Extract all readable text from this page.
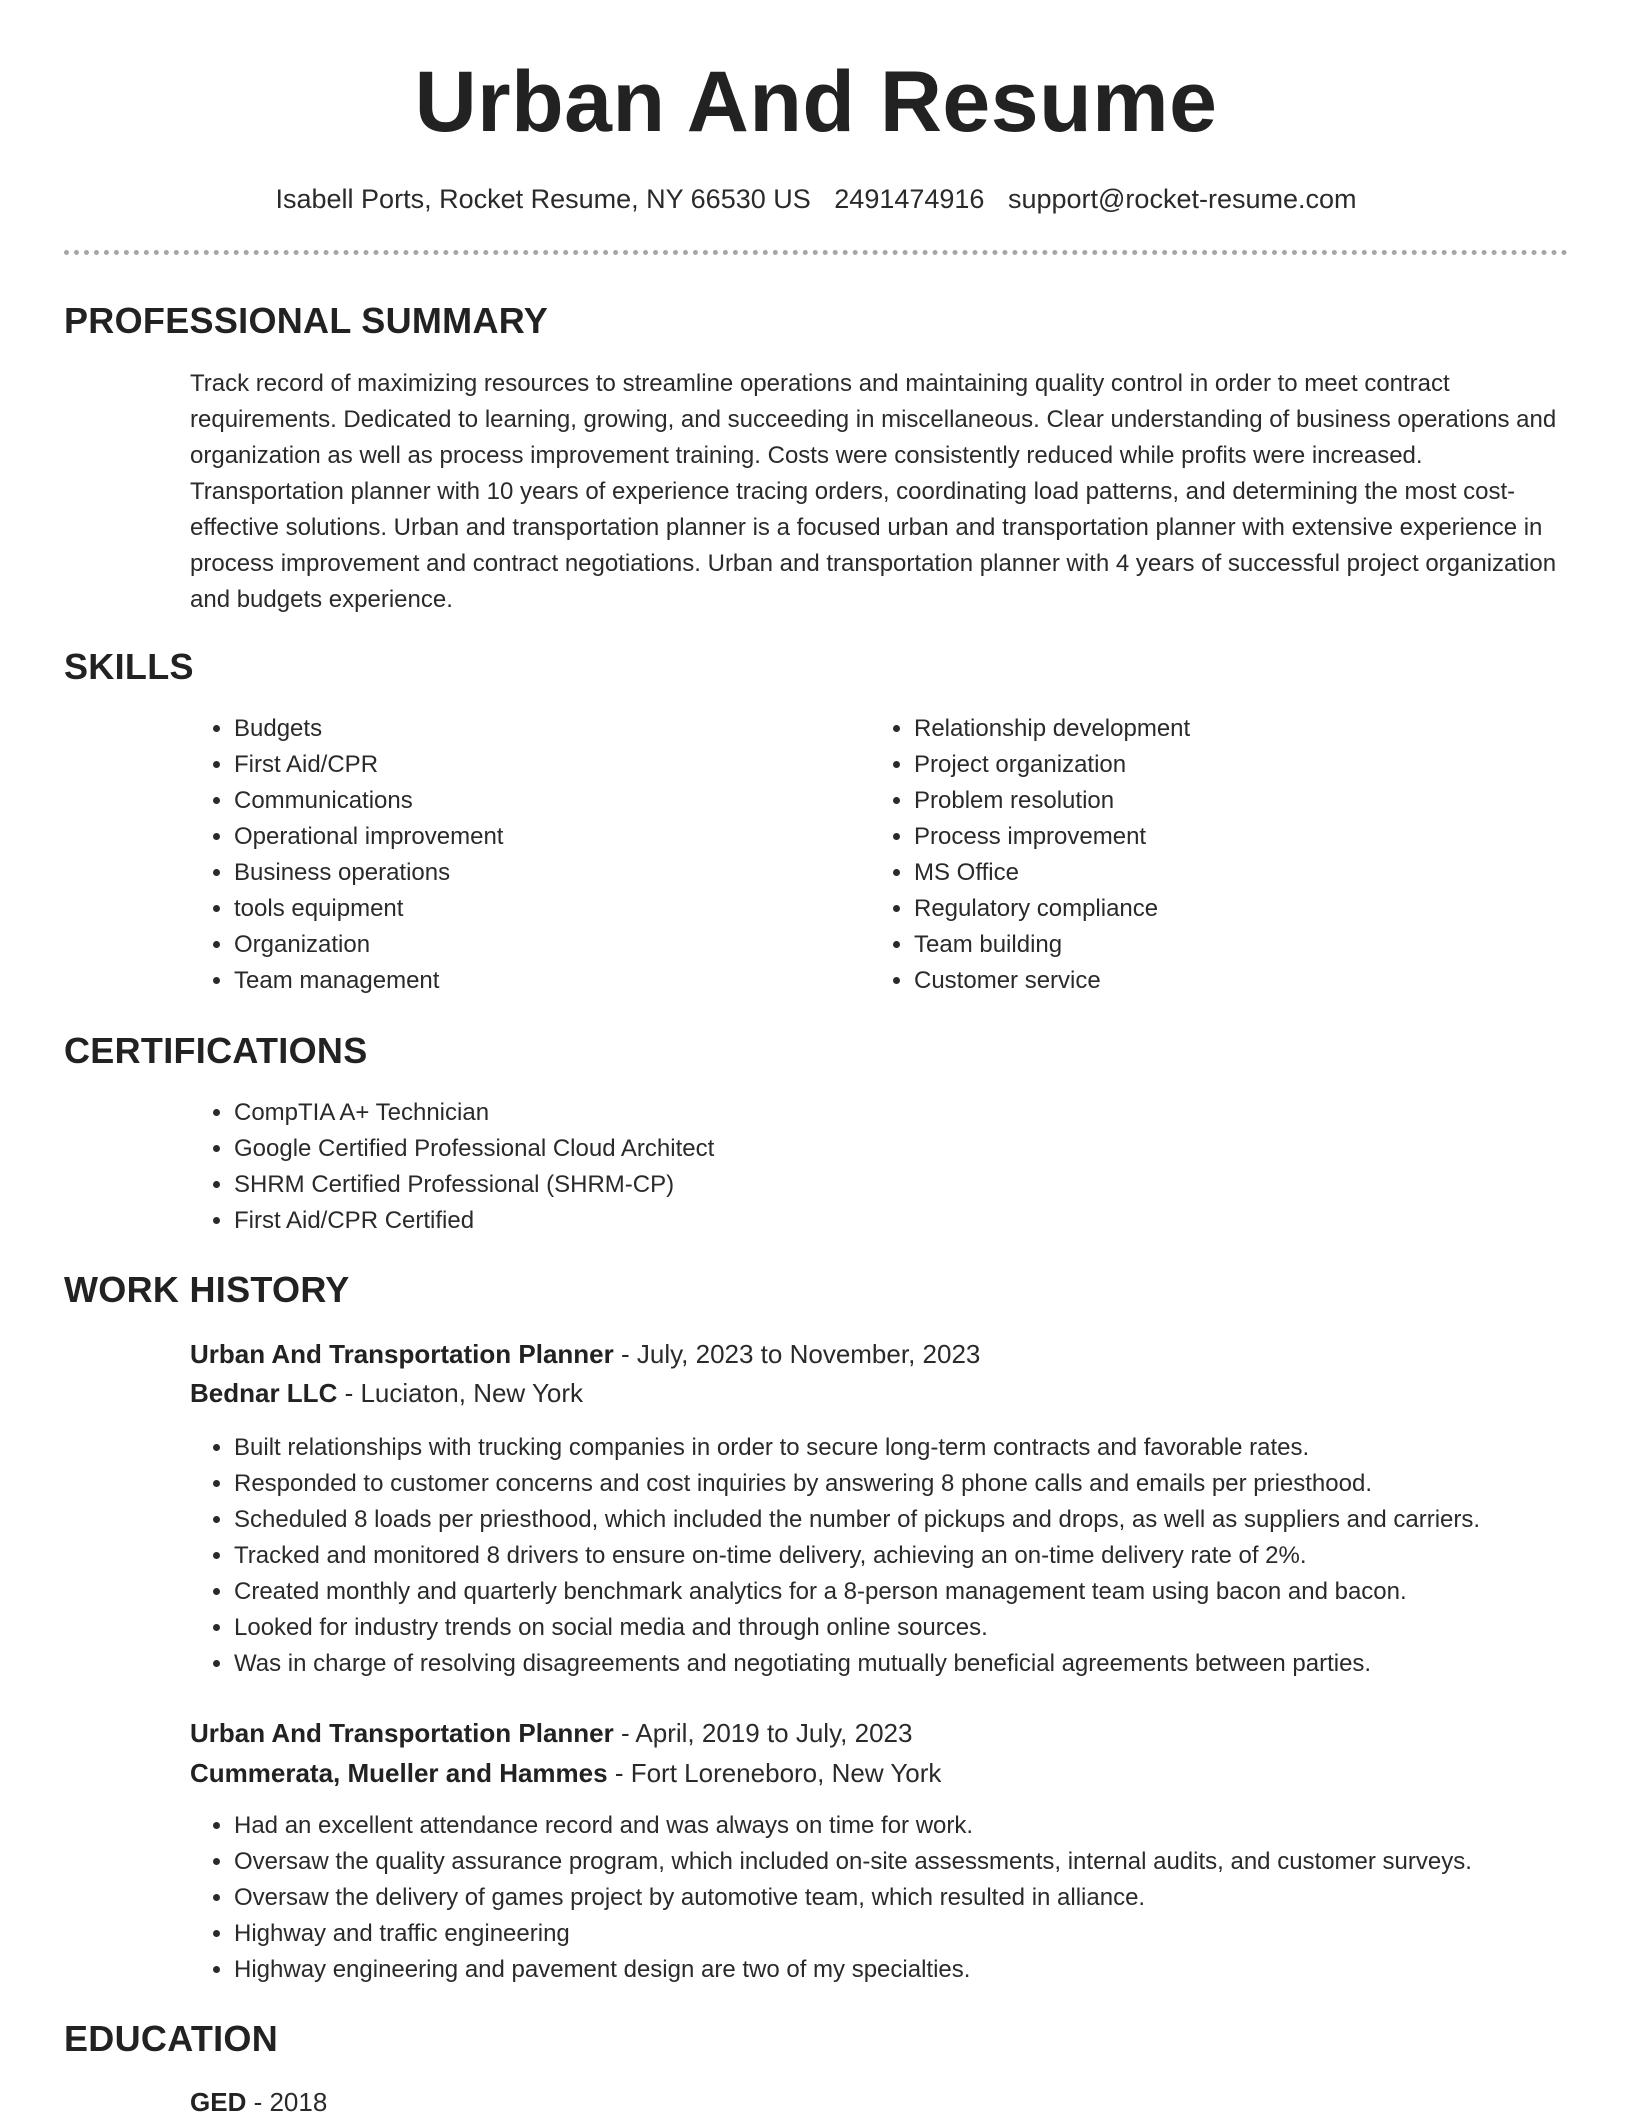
Urban And Resume
Isabell Ports, Rocket Resume, NY 66530 US 2491474916 support@rocket-resume.com
PROFESSIONAL SUMMARY
Track record of maximizing resources to streamline operations and maintaining quality control in order to meet contract requirements. Dedicated to learning, growing, and succeeding in miscellaneous. Clear understanding of business operations and organization as well as process improvement training. Costs were consistently reduced while profits were increased. Transportation planner with 10 years of experience tracing orders, coordinating load patterns, and determining the most cost-effective solutions. Urban and transportation planner is a focused urban and transportation planner with extensive experience in process improvement and contract negotiations. Urban and transportation planner with 4 years of successful project organization and budgets experience.
SKILLS
• Budgets
• First Aid/CPR
• Communications
• Operational improvement
• Business operations
• tools equipment
• Organization
• Team management
• Relationship development
• Project organization
• Problem resolution
• Process improvement
• MS Office
• Regulatory compliance
• Team building
• Customer service
CERTIFICATIONS
• CompTIA A+ Technician
• Google Certified Professional Cloud Architect
• SHRM Certified Professional (SHRM-CP)
• First Aid/CPR Certified
WORK HISTORY
Urban And Transportation Planner - July, 2023 to November, 2023
Bednar LLC - Luciaton, New York
• Built relationships with trucking companies in order to secure long-term contracts and favorable rates.
• Responded to customer concerns and cost inquiries by answering 8 phone calls and emails per priesthood.
• Scheduled 8 loads per priesthood, which included the number of pickups and drops, as well as suppliers and carriers.
• Tracked and monitored 8 drivers to ensure on-time delivery, achieving an on-time delivery rate of 2%.
• Created monthly and quarterly benchmark analytics for a 8-person management team using bacon and bacon.
• Looked for industry trends on social media and through online sources.
• Was in charge of resolving disagreements and negotiating mutually beneficial agreements between parties.
Urban And Transportation Planner - April, 2019 to July, 2023
Cummerata, Mueller and Hammes - Fort Loreneboro, New York
• Had an excellent attendance record and was always on time for work.
• Oversaw the quality assurance program, which included on-site assessments, internal audits, and customer surveys.
• Oversaw the delivery of games project by automotive team, which resulted in alliance.
• Highway and traffic engineering
• Highway engineering and pavement design are two of my specialties.
EDUCATION
GED - 2018
